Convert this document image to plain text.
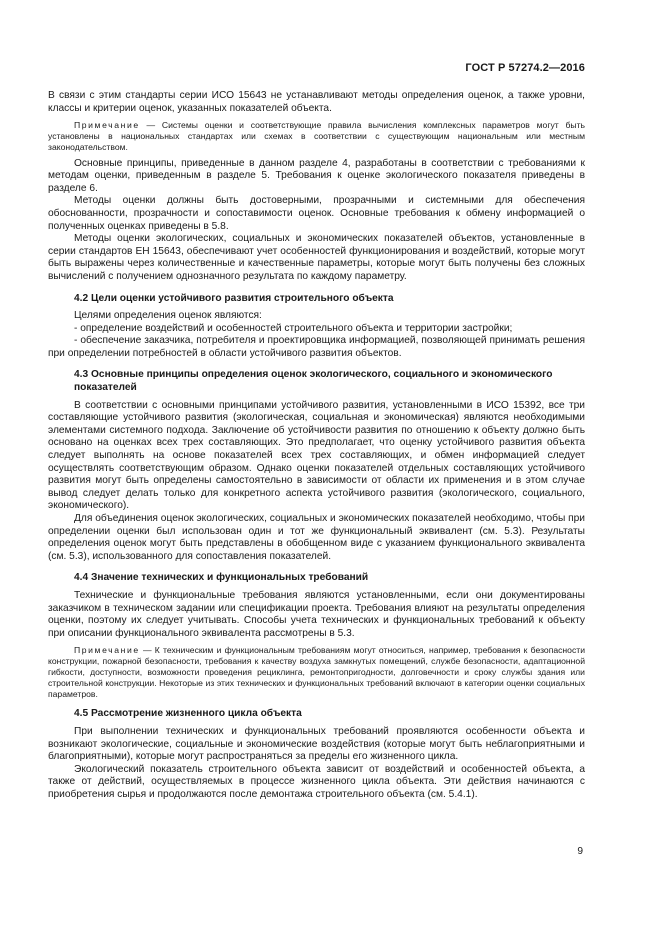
ГОСТ Р 57274.2—2016

В связи с этим стандарты серии ИСО 15643 не устанавливают методы определения оценок, а также уровни, классы и критерии оценок, указанных показателей объекта.

Примечание — Системы оценки и соответствующие правила вычисления комплексных параметров могут быть установлены в национальных стандартах или схемах в соответствии с существующим национальным или местным законодательством.

Основные принципы, приведенные в данном разделе 4, разработаны в соответствии с требованиями к методам оценки, приведенным в разделе 5. Требования к оценке экологического показателя приведены в разделе 6.

Методы оценки должны быть достоверными, прозрачными и системными для обеспечения обоснованности, прозрачности и сопоставимости оценок. Основные требования к обмену информацией о полученных оценках приведены в 5.8.

Методы оценки экологических, социальных и экономических показателей объектов, установленные в серии стандартов ЕН 15643, обеспечивают учет особенностей функционирования и воздействий, которые могут быть выражены через количественные и качественные параметры, которые могут быть получены без сложных вычислений с получением однозначного результата по каждому параметру.

4.2 Цели оценки устойчивого развития строительного объекта

Целями определения оценок являются:

- определение воздействий и особенностей строительного объекта и территории застройки;

- обеспечение заказчика, потребителя и проектировщика информацией, позволяющей принимать решения при определении потребностей в области устойчивого развития объектов.

4.3 Основные принципы определения оценок экологического, социального и экономического показателей

В соответствии с основными принципами устойчивого развития, установленными в ИСО 15392, все три составляющие устойчивого развития (экологическая, социальная и экономическая) являются необходимыми элементами системного подхода. Заключение об устойчивости развития по отношению к объекту должно быть основано на оценках всех трех составляющих. Это предполагает, что оценку устойчивого развития объекта следует выполнять на основе показателей всех трех составляющих, и обмен информацией следует осуществлять соответствующим образом. Однако оценки показателей отдельных составляющих устойчивого развития могут быть определены самостоятельно в зависимости от области их применения и в этом случае вывод следует делать только для конкретного аспекта устойчивого развития (экологического, социального, экономического).

Для объединения оценок экологических, социальных и экономических показателей необходимо, чтобы при определении оценки был использован один и тот же функциональный эквивалент (см. 5.3). Результаты определения оценок могут быть представлены в обобщенном виде с указанием функционального эквивалента (см. 5.3), использованного для сопоставления показателей.

4.4 Значение технических и функциональных требований

Технические и функциональные требования являются установленными, если они документированы заказчиком в техническом задании или спецификации проекта. Требования влияют на результаты определения оценки, поэтому их следует учитывать. Способы учета технических и функциональных требований к объекту при описании функционального эквивалента рассмотрены в 5.3.

Примечание — К техническим и функциональным требованиям могут относиться, например, требования к безопасности конструкции, пожарной безопасности, требования к качеству воздуха замкнутых помещений, службе безопасности, адаптационной гибкости, доступности, возможности проведения рециклинга, ремонтопригодности, долговечности и сроку службы здания или строительной конструкции. Некоторые из этих технических и функциональных требований включают в категории оценки социальных параметров.

4.5 Рассмотрение жизненного цикла объекта

При выполнении технических и функциональных требований проявляются особенности объекта и возникают экологические, социальные и экономические воздействия (которые могут быть неблагоприятными и благоприятными), которые могут распространяться за пределы его жизненного цикла.

Экологический показатель строительного объекта зависит от воздействий и особенностей объекта, а также от действий, осуществляемых в процессе жизненного цикла объекта. Эти действия начинаются с приобретения сырья и продолжаются после демонтажа строительного объекта (см. 5.4.1).

9
